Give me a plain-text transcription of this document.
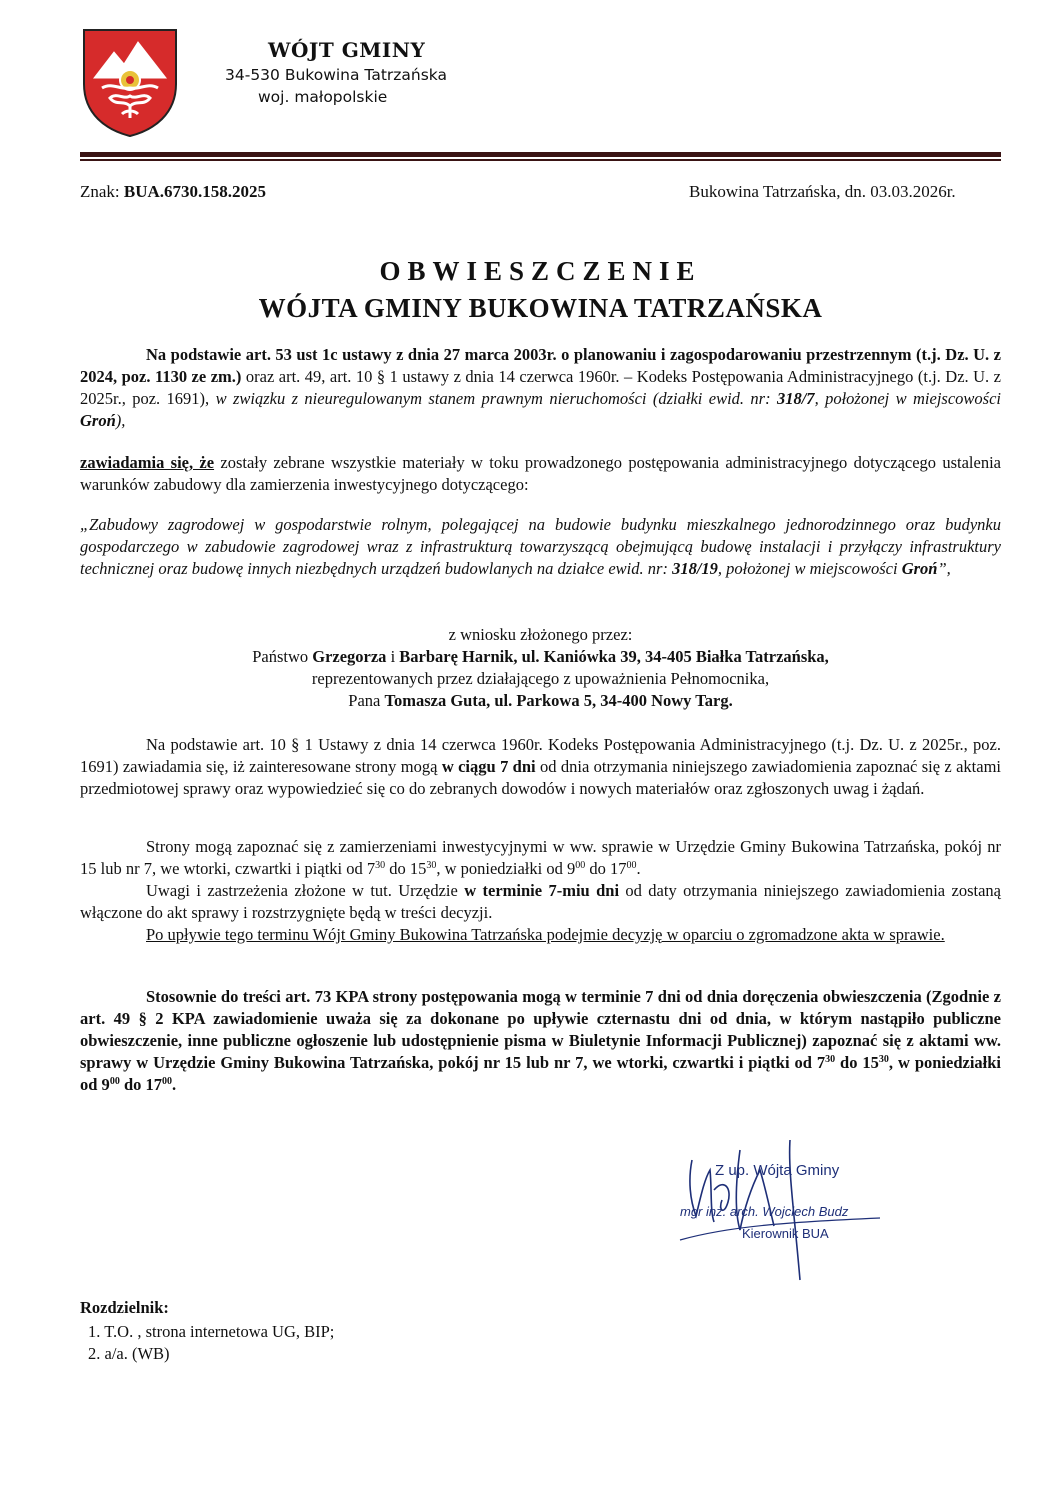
WÓJT GMINY
34-530 Bukowina Tatrzańska
woj. małopolskie
Znak: BUA.6730.158.2025	Bukowina Tatrzańska, dn. 03.03.2026r.
OBWIESZCZENIE
WÓJTA GMINY BUKOWINA TATRZAŃSKA
Na podstawie art. 53 ust 1c ustawy z dnia 27 marca 2003r. o planowaniu i zagospodarowaniu przestrzennym (t.j. Dz. U. z 2024, poz. 1130 ze zm.) oraz art. 49, art. 10 § 1 ustawy z dnia 14 czerwca 1960r. – Kodeks Postępowania Administracyjnego (t.j. Dz. U. z 2025r., poz. 1691), w związku z nieuregulowanym stanem prawnym nieruchomości (działki ewid. nr: 318/7, położonej w miejscowości Groń),
zawiadamia się, że zostały zebrane wszystkie materiały w toku prowadzonego postępowania administracyjnego dotyczącego ustalenia warunków zabudowy dla zamierzenia inwestycyjnego dotyczącego:
„Zabudowy zagrodowej w gospodarstwie rolnym, polegającej na budowie budynku mieszkalnego jednorodzinnego oraz budynku gospodarczego w zabudowie zagrodowej wraz z infrastrukturą towarzyszącą obejmującą budowę instalacji i przyłączy infrastruktury technicznej oraz budowę innych niezbędnych urządzeń budowlanych na działce ewid. nr: 318/19, położonej w miejscowości Groń”,
z wniosku złożonego przez:
Państwo Grzegorza i Barbarę Harnik, ul. Kaniówka 39, 34-405 Białka Tatrzańska,
reprezentowanych przez działającego z upoważnienia Pełnomocnika,
Pana Tomasza Guta, ul. Parkowa 5, 34-400 Nowy Targ.
Na podstawie art. 10 § 1 Ustawy z dnia 14 czerwca 1960r. Kodeks Postępowania Administracyjnego (t.j. Dz. U. z 2025r., poz. 1691) zawiadamia się, iż zainteresowane strony mogą w ciągu 7 dni od dnia otrzymania niniejszego zawiadomienia zapoznać się z aktami przedmiotowej sprawy oraz wypowiedzieć się co do zebranych dowodów i nowych materiałów oraz zgłoszonych uwag i żądań.
Strony mogą zapoznać się z zamierzeniami inwestycyjnymi w ww. sprawie w Urzędzie Gminy Bukowina Tatrzańska, pokój nr 15 lub nr 7, we wtorki, czwartki i piątki od $7^{30}$ do $15^{30}$, w poniedziałki od $9^{00}$ do $17^{00}$.
Uwagi i zastrzeżenia złożone w tut. Urzędzie w terminie 7-miu dni od daty otrzymania niniejszego zawiadomienia zostaną włączone do akt sprawy i rozstrzygnięte będą w treści decyzji.
Po upływie tego terminu Wójt Gminy Bukowina Tatrzańska podejmie decyzję w oparciu o zgromadzone akta w sprawie.
Stosownie do treści art. 73 KPA strony postępowania mogą w terminie 7 dni od dnia doręczenia obwieszczenia (Zgodnie z art. 49 § 2 KPA zawiadomienie uważa się za dokonane po upływie czternastu dni od dnia, w którym nastąpiło publiczne obwieszczenie, inne publiczne ogłoszenie lub udostępnienie pisma w Biuletynie Informacji Publicznej) zapoznać się z aktami ww. sprawy w Urzędzie Gminy Bukowina Tatrzańska, pokój nr 15 lub nr 7, we wtorki, czwartki i piątki od $7^{30}$ do $15^{30}$, w poniedziałki od $9^{00}$ do $17^{00}$.
Z up. Wójta Gminy
mgr inż. arch. Wojciech Budz
Kierownik BUA
Rozdzielnik:
1. T.O. , strona internetowa UG, BIP;
2. a/a. (WB)
